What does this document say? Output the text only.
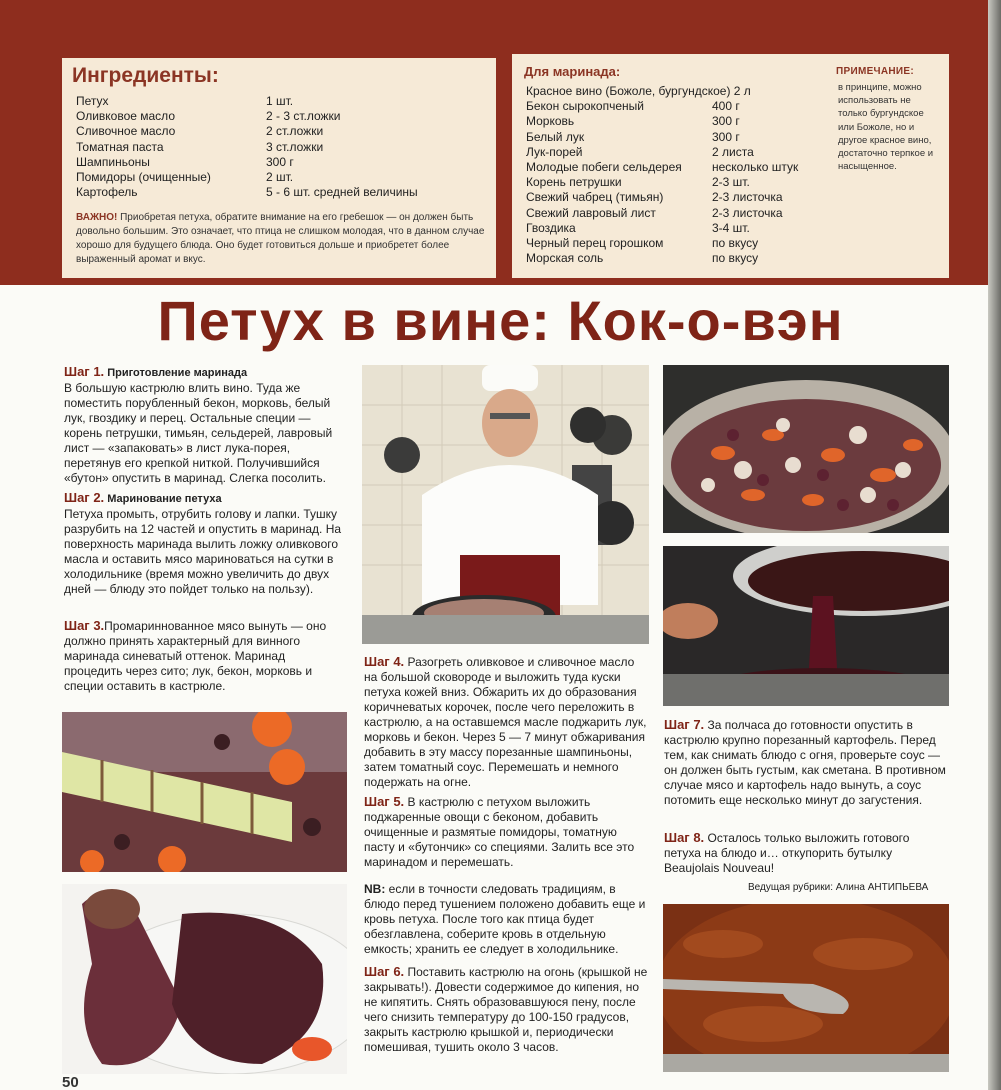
Ингредиенты:
Петух	1 шт.
Оливковое масло	2 - 3 ст.ложки
Сливочное масло	2 ст.ложки
Томатная паста	3 ст.ложки
Шампиньоны	300 г
Помидоры (очищенные)	2 шт.
Картофель	5 - 6 шт. средней величины
ВАЖНО! Приобретая петуха, обратите внимание на его гребешок — он должен быть довольно большим. Это означает, что птица не слишком молодая, что в данном случае хорошо для будущего блюда. Оно будет готовиться дольше и приобретет более выраженный аромат и вкус.
Для маринада:
Красное вино (Божоле, бургундское) 2 л
Бекон сырокопченый	400 г
Морковь	300 г
Белый лук	300 г
Лук-порей	2 листа
Молодые побеги сельдерея	несколько штук
Корень петрушки	2-3 шт.
Свежий чабрец (тимьян)	2-3 листочка
Свежий лавровый лист	2-3 листочка
Гвоздика	3-4 шт.
Черный перец горошком	по вкусу
Морская соль	по вкусу
ПРИМЕЧАНИЕ:
в принципе, можно использовать не только бургундское или Божоле, но и другое красное вино, достаточно терпкое и насыщенное.
Петух в вине: Кок-о-вэн
Шаг 1. Приготовление маринада
В большую кастрюлю влить вино. Туда же поместить порубленный бекон, морковь, белый лук, гвоздику и перец. Остальные специи — корень петрушки, тимьян, сельдерей, лавровый лист — «запаковать» в лист лука-порея, перетянув его крепкой ниткой. Получившийся «бутон» опустить в маринад. Слегка посолить.
Шаг 2. Маринование петуха
Петуха промыть, отрубить голову и лапки. Тушку разрубить на 12 частей и опустить в маринад. На поверхность маринада вылить ложку оливкового масла и оставить мясо мариноваться на сутки в холодильнике (время можно увеличить до двух дней — блюду это пойдет только на пользу).
Шаг 3.Промариннованное мясо вынуть — оно должно принять характерный для винного маринада синеватый оттенок. Маринад процедить через сито; лук, бекон, морковь и специи оставить в кастрюле.
Шаг 4. Разогреть оливковое и сливочное масло на большой сковороде и выложить туда куски петуха кожей вниз. Обжарить их до образования коричневатых корочек, после чего переложить в кастрюлю, а на оставшемся масле поджарить лук, морковь и бекон. Через 5 — 7 минут обжаривания добавить в эту массу порезанные шампиньоны, затем томатный соус. Перемешать и немного подержать на огне.
Шаг 5. В кастрюлю с петухом выложить поджаренные овощи с беконом, добавить очищенные и размятые помидоры, томатную пасту и «бутончик» со специями. Залить все это маринадом и перемешать.
NB: если в точности следовать традициям, в блюдо перед тушением положено добавить еще и кровь петуха. После того как птица будет обезглавлена, соберите кровь в отдельную емкость; хранить ее следует в холодильнике.
Шаг 6. Поставить кастрюлю на огонь (крышкой не закрывать!). Довести содержимое до кипения, но не кипятить. Снять образовавшуюся пену, после чего снизить температуру до 100-150 градусов, закрыть кастрюлю крышкой и, периодически помешивая, тушить около 3 часов.
Шаг 7. За полчаса до готовности опустить в кастрюлю крупно порезанный картофель. Перед тем, как снимать блюдо с огня, проверьте соус — он должен быть густым, как сметана. В противном случае мясо и картофель надо вынуть, а соус потомить еще несколько минут до загустения.
Шаг 8. Осталось только выложить готового петуха на блюдо и… откупорить бутылку Beaujolais Nouveau!
Ведущая рубрики: Алина АНТИПЬЕВА
50
